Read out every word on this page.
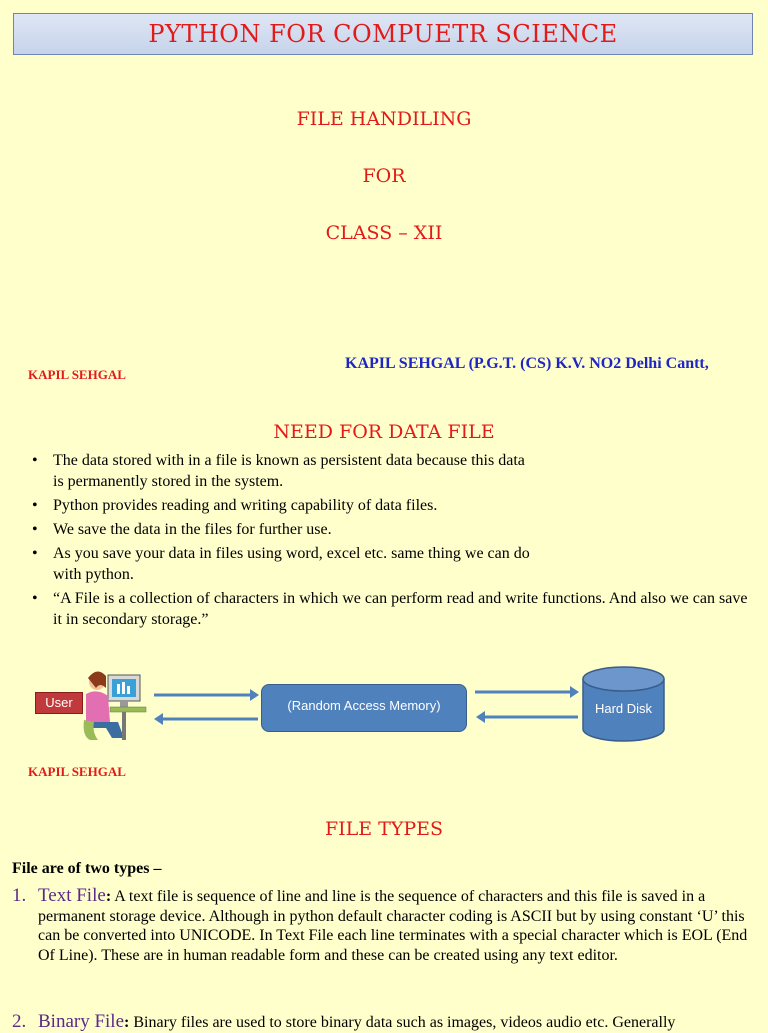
PYTHON FOR COMPUETR SCIENCE
FILE HANDILING
FOR
CLASS – XII
KAPIL SEHGAL
KAPIL SEHGAL (P.G.T. (CS) K.V. NO2 Delhi Cantt,
NEED FOR DATA FILE
• The data stored with in a file is known as persistent data because this data is permanently stored in the system.
• Python provides reading and writing capability of data files.
• We save the data in the files for further use.
• As you save your data in files using word, excel etc. same thing we can do with python.
• “A File is a collection of characters in which we can perform read and write functions. And also we can save it in secondary storage.”
User	(Random Access Memory)	Hard Disk
KAPIL SEHGAL
FILE TYPES
File are of two types –
1. Text File: A text file is sequence of line and line is the sequence of characters and this file is saved in a permanent storage device. Although in python default character coding is ASCII but by using constant ‘U’ this can be converted into UNICODE. In Text File each line terminates with a special character which is EOL (End Of Line). These are in human readable form and these can be created using any text editor.
2. Binary File: Binary files are used to store binary data such as images, videos audio etc. Generally
